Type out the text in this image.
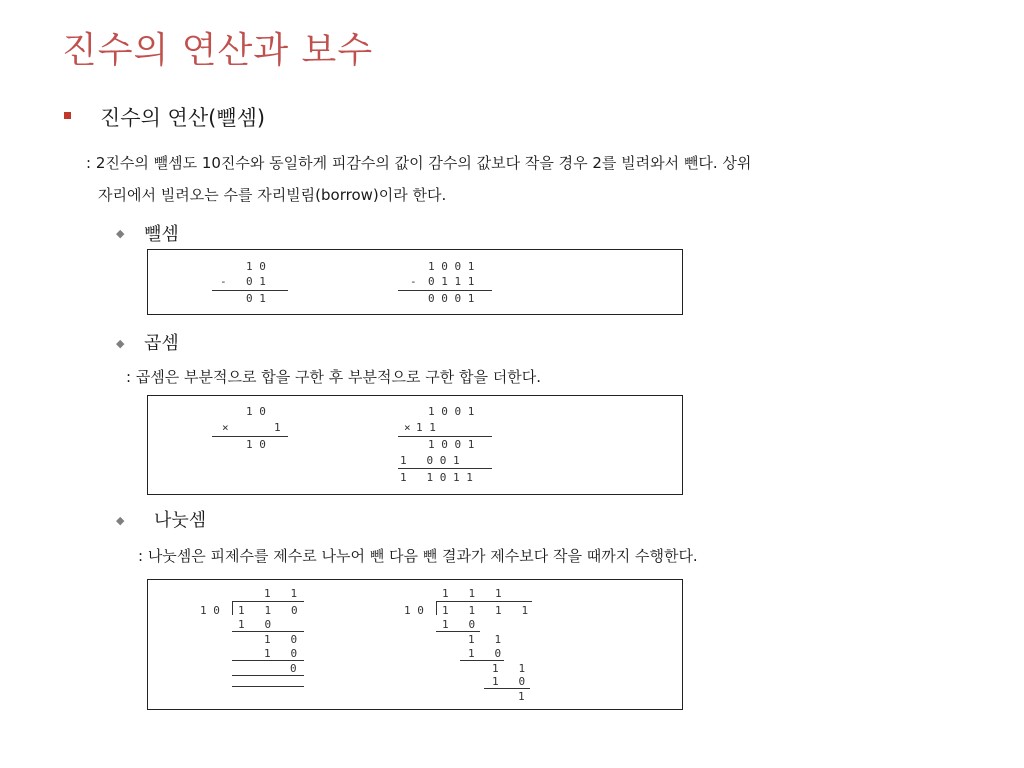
진수의 연산과 보수
진수의 연산(뺄셈)
: 2진수의 뺄셈도 10진수와 동일하게 피감수의 값이 감수의 값보다 작을 경우 2를 빌려와서 뺀다. 상위
자리에서 빌려오는 수를 자리빌림(borrow)이라 한다.
◆ 뺄셈
1 0
- 0 1
0 1
1 0 0 1
- 0 1 1 1
0 0 0 1
◆ 곱셈
: 곱셈은 부분적으로 합을 구한 후 부분적으로 구한 합을 더한다.
1 0
×	1
1 0
1 0 0 1
× 1 1
1 0 0 1
1   0 0 1
1   1 0 1 1
◆ 나눗셈
: 나눗셈은 피제수를 제수로 나누어 뺀 다음 뺀 결과가 제수보다 작을 때까지 수행한다.
1   1
1 0 1   1   0
1   0
1   0
1   0
0
1   1   1
1 0 1   1   1   1
1   0
1   1
1   0
1   1
1   0
1
